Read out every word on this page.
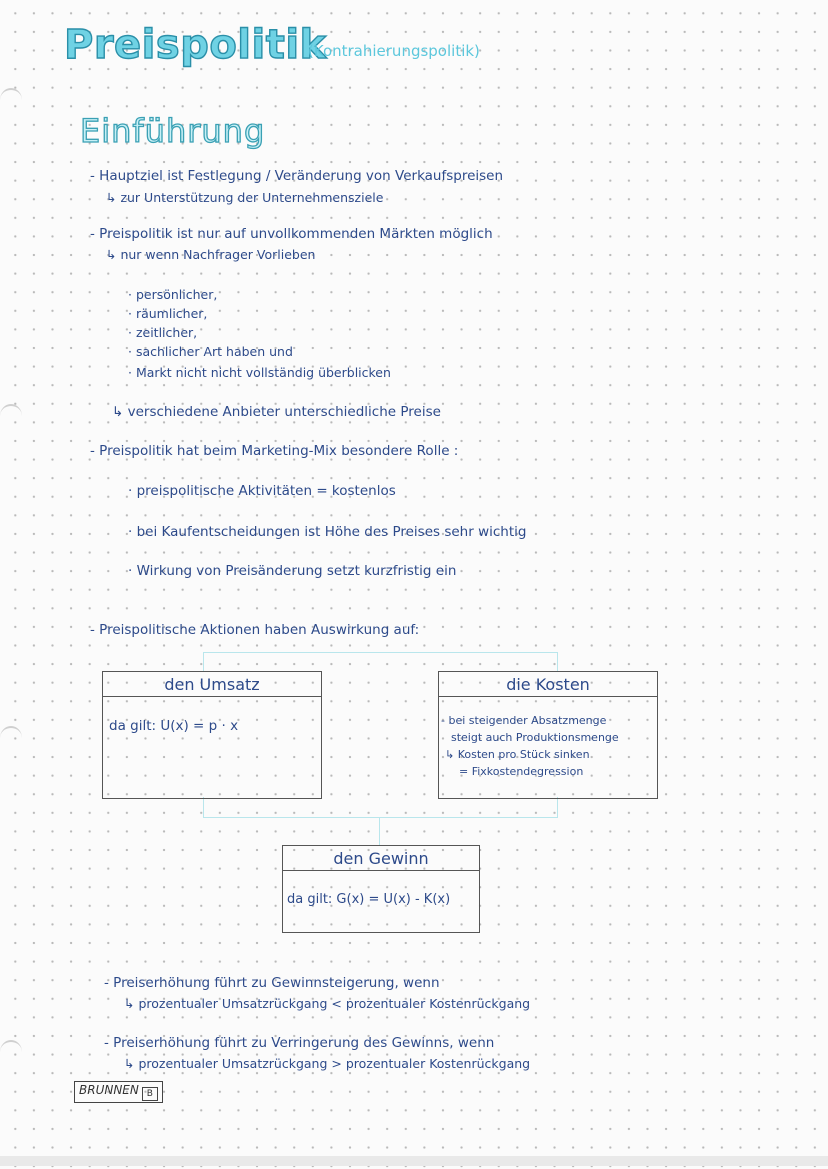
Preispolitik
(Kontrahierungspolitik)
Einführung
- Hauptziel ist Festlegung / Veränderung von Verkaufspreisen
↳ zur Unterstützung der Unternehmensziele
- Preispolitik ist nur auf unvollkommenden Märkten möglich
↳ nur wenn Nachfrager Vorlieben
· persönlicher,
· räumlicher,
· zeitlicher,
· sachlicher Art haben und
· Markt nicht nicht vollständig überblicken
↳ verschiedene Anbieter unterschiedliche Preise
- Preispolitik hat beim Marketing-Mix besondere Rolle :
· preispolitische Aktivitäten = kostenlos
· bei Kaufentscheidungen ist Höhe des Preises sehr wichtig
· Wirkung von Preisänderung setzt kurzfristig ein
- Preispolitische Aktionen haben Auswirkung auf:
den Umsatz
da gilt: U(x) = p · x
die Kosten
- bei steigender Absatzmenge
steigt auch Produktionsmenge
↳ Kosten pro Stück sinken
= Fixkostendegression
den Gewinn
da gilt: G(x) = U(x) - K(x)
- Preiserhöhung führt zu Gewinnsteigerung, wenn
↳ prozentualer Umsatzrückgang < prozentualer Kostenrückgang
- Preiserhöhung führt zu Verringerung des Gewinns, wenn
↳ prozentualer Umsatzrückgang > prozentualer Kostenrückgang
BRUNNEN B
